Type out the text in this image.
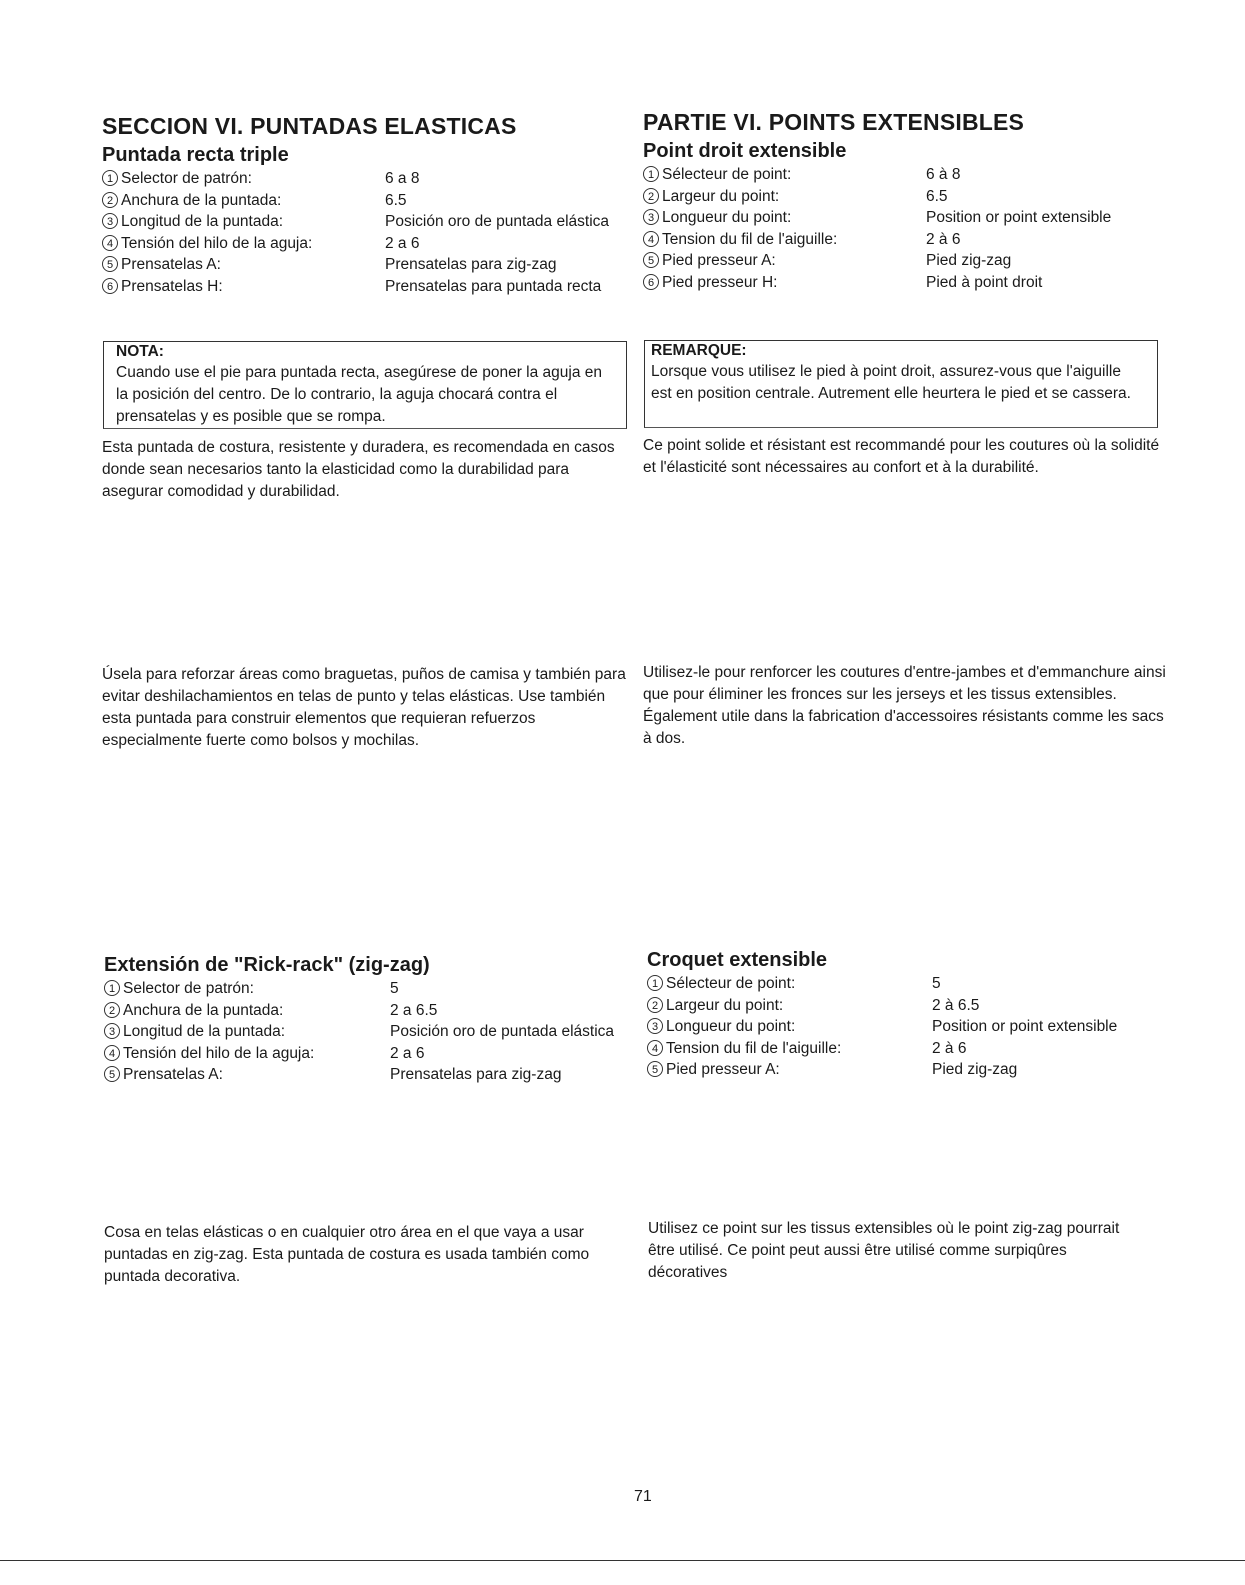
SECCION VI. PUNTADAS ELASTICAS
Puntada recta triple
1 Selector de patrón:	6 a 8
2 Anchura de la puntada:	6.5
3 Longitud de la puntada:	Posición oro de puntada elástica
4 Tensión del hilo de la aguja:	2 a 6
5 Prensatelas A:	Prensatelas para zig-zag
6 Prensatelas H:	Prensatelas para puntada recta
NOTA:
Cuando use el pie para puntada recta, asegúrese de poner la aguja en la posición del centro. De lo contrario, la aguja chocará contra el prensatelas y es posible que se rompa.

Esta puntada de costura, resistente y duradera, es recomendada en casos donde sean necesarios tanto la elasticidad como la durabilidad para asegurar comodidad y durabilidad.

Úsela para reforzar áreas como braguetas, puños de camisa y también para evitar deshilachamientos en telas de punto y telas elásticas. Use también esta puntada para construir elementos que requieran refuerzos especialmente fuerte como bolsos y mochilas.

PARTIE VI. POINTS EXTENSIBLES
Point droit extensible
1 Sélecteur de point:	6 à 8
2 Largeur du point:	6.5
3 Longueur du point:	Position or point extensible
4 Tension du fil de l'aiguille:	2 à 6
5 Pied presseur A:	Pied zig-zag
6 Pied presseur H:	Pied à point droit
REMARQUE:
Lorsque vous utilisez le pied à point droit, assurez-vous que l'aiguille est en position centrale. Autrement elle heurtera le pied et se cassera.

Ce point solide et résistant est recommandé pour les coutures où la solidité et l'élasticité sont nécessaires au confort et à la durabilité.

Utilisez-le pour renforcer les coutures d'entre-jambes et d'emmanchure ainsi que pour éliminer les fronces sur les jerseys et les tissus extensibles. Également utile dans la fabrication d'accessoires résistants comme les sacs à dos.

Extensión de "Rick-rack" (zig-zag)
1 Selector de patrón:	5
2 Anchura de la puntada:	2 a 6.5
3 Longitud de la puntada:	Posición oro de puntada elástica
4 Tensión del hilo de la aguja:	2 a 6
5 Prensatelas A:	Prensatelas para zig-zag

Cosa en telas elásticas o en cualquier otro área en el que vaya a usar puntadas en zig-zag. Esta puntada de costura es usada también como puntada decorativa.

Croquet extensible
1 Sélecteur de point:	5
2 Largeur du point:	2 à 6.5
3 Longueur du point:	Position or point extensible
4 Tension du fil de l'aiguille:	2 à 6
5 Pied presseur A:	Pied zig-zag

Utilisez ce point sur les tissus extensibles où le point zig-zag pourrait être utilisé. Ce point peut aussi être utilisé comme surpiqûres décoratives

71
